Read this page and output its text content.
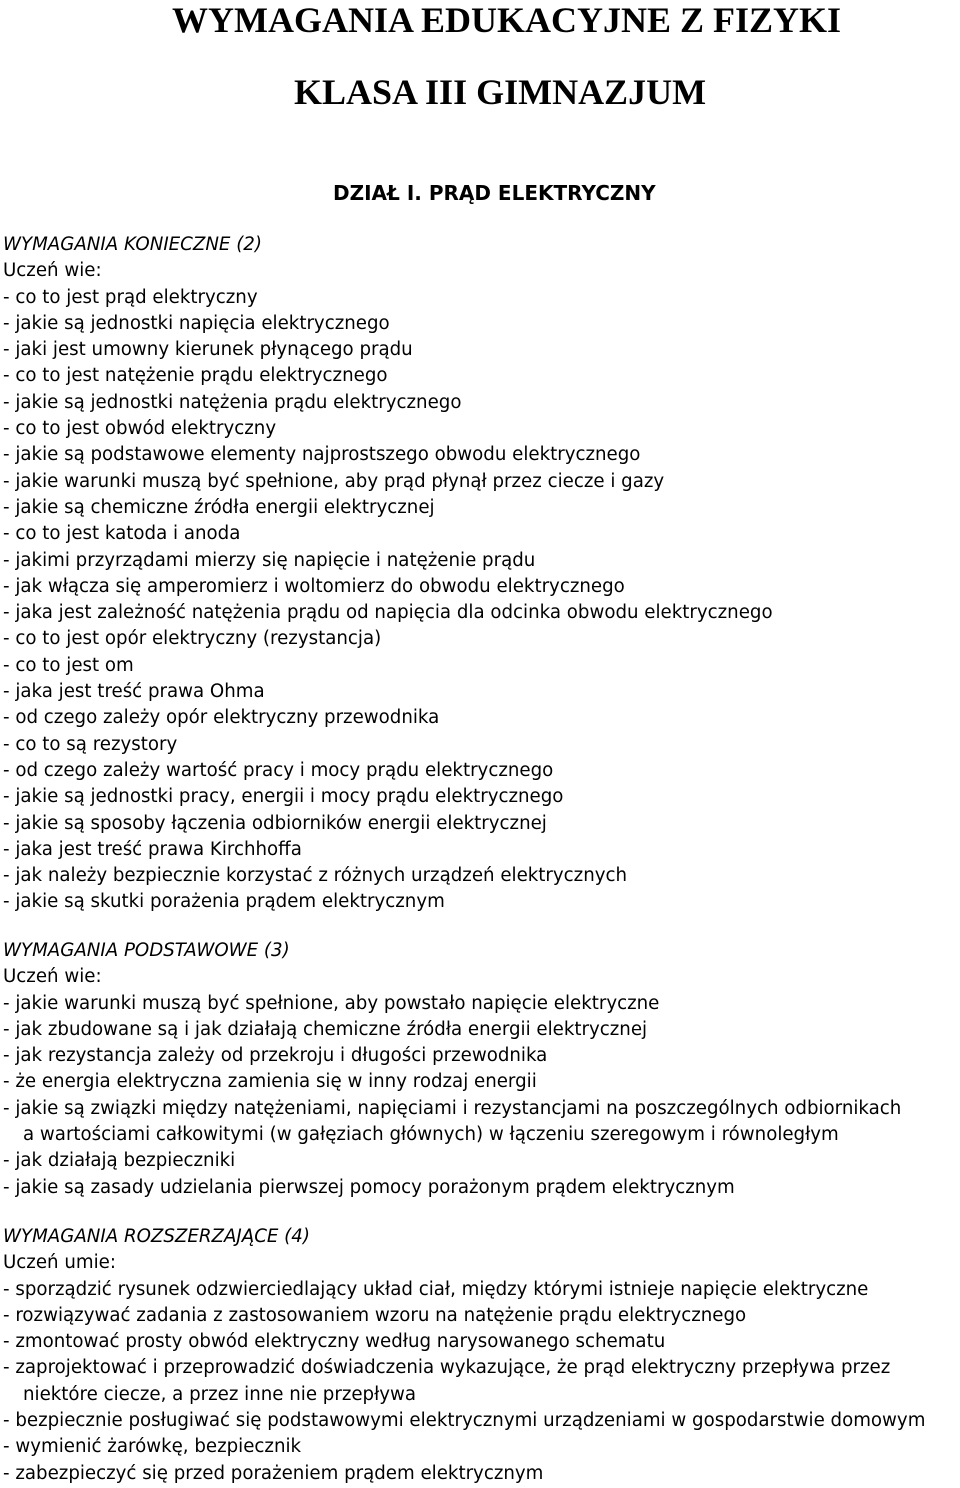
WYMAGANIA EDUKACYJNE Z FIZYKI
KLASA III GIMNAZJUM
DZIAŁ I. PRĄD ELEKTRYCZNY
WYMAGANIA KONIECZNE (2)

Uczeń wie:

- co to jest prąd elektryczny
- jakie są jednostki napięcia elektrycznego
- jaki jest umowny kierunek płynącego prądu
- co to jest natężenie prądu elektrycznego
- jakie są jednostki natężenia prądu elektrycznego
- co to jest obwód elektryczny
- jakie są podstawowe elementy najprostszego obwodu elektrycznego
- jakie warunki muszą być spełnione, aby prąd płynął przez ciecze i gazy
- jakie są chemiczne źródła energii elektrycznej
- co to jest katoda i anoda
- jakimi przyrządami mierzy się napięcie i natężenie prądu
- jak włącza się amperomierz i woltomierz do obwodu elektrycznego
- jaka jest zależność natężenia prądu od napięcia dla odcinka obwodu elektrycznego
- co to jest opór elektryczny (rezystancja)
- co to jest om
- jaka jest treść prawa Ohma
- od czego zależy opór elektryczny przewodnika
- co to są rezystory
- od czego zależy wartość pracy i mocy prądu elektrycznego
- jakie są jednostki pracy, energii i mocy prądu elektrycznego
- jakie są sposoby łączenia odbiorników energii elektrycznej
- jaka jest treść prawa Kirchhoffa
- jak należy bezpiecznie korzystać z różnych urządzeń elektrycznych
- jakie są skutki porażenia prądem elektrycznym
WYMAGANIA PODSTAWOWE (3)

Uczeń wie:

- jakie warunki muszą być spełnione, aby powstało napięcie elektryczne
- jak zbudowane są i jak działają chemiczne źródła energii elektrycznej
- jak rezystancja zależy od przekroju i długości przewodnika
- że energia elektryczna zamienia się w inny rodzaj energii
- jakie są związki między natężeniami, napięciami i rezystancjami na poszczególnych odbiornikach
a wartościami całkowitymi (w gałęziach głównych) w łączeniu szeregowym i równoległym
- jak działają bezpieczniki
- jakie są zasady udzielania pierwszej pomocy porażonym prądem elektrycznym
WYMAGANIA ROZSZERZAJĄCE (4)

Uczeń umie:

- sporządzić rysunek odzwierciedlający układ ciał, między którymi istnieje napięcie elektryczne
- rozwiązywać zadania z zastosowaniem wzoru na natężenie prądu elektrycznego
- zmontować prosty obwód elektryczny według narysowanego schematu
- zaprojektować i przeprowadzić doświadczenia wykazujące, że prąd elektryczny przepływa przez
niektóre ciecze, a przez inne nie przepływa
- bezpiecznie posługiwać się podstawowymi elektrycznymi urządzeniami w gospodarstwie domowym
- wymienić żarówkę, bezpiecznik
- zabezpieczyć się przed porażeniem prądem elektrycznym
